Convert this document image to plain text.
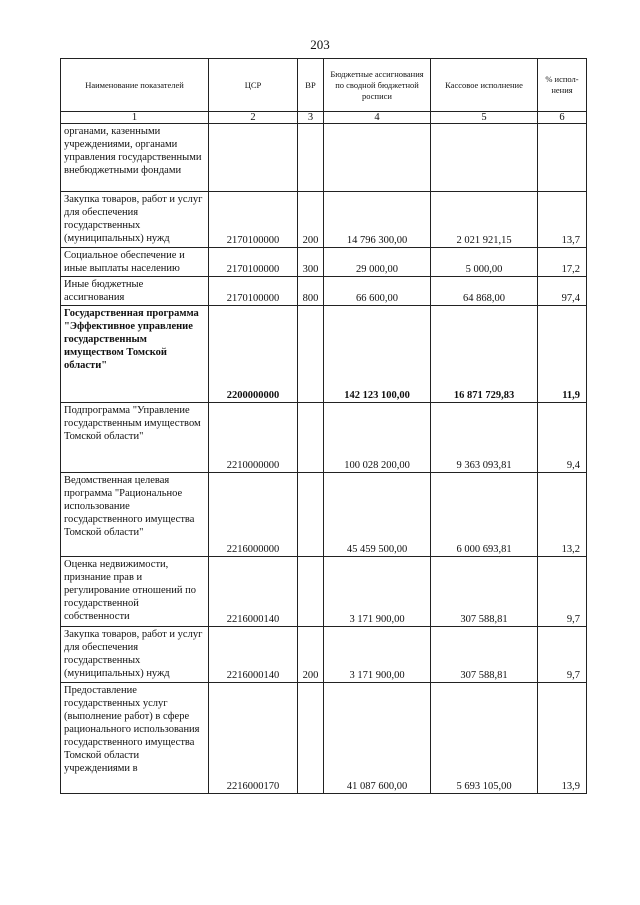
203
Наименование показателей	ЦСР	ВР	Бюджетные ассигнования по сводной бюджетной росписи	Кассовое исполнение	% испол-нения
1	2	3	4	5	6
органами, казенными учреждениями, органами управления государственными внебюджетными фондами					
Закупка товаров, работ и услуг для обеспечения государственных (муниципальных) нужд	2170100000	200	14 796 300,00	2 021 921,15	13,7
Социальное обеспечение и иные выплаты населению	2170100000	300	29 000,00	5 000,00	17,2
Иные бюджетные ассигнования	2170100000	800	66 600,00	64 868,00	97,4
Государственная программа "Эффективное управление государственным имуществом Томской области"	2200000000		142 123 100,00	16 871 729,83	11,9
Подпрограмма "Управление государственным имуществом Томской области"	2210000000		100 028 200,00	9 363 093,81	9,4
Ведомственная целевая программа "Рациональное использование государственного имущества Томской области"	2216000000		45 459 500,00	6 000 693,81	13,2
Оценка недвижимости, признание прав и регулирование отношений по государственной собственности	2216000140		3 171 900,00	307 588,81	9,7
Закупка товаров, работ и услуг для обеспечения государственных (муниципальных) нужд	2216000140	200	3 171 900,00	307 588,81	9,7
Предоставление государственных услуг (выполнение работ) в сфере рационального использования государственного имущества Томской области учреждениями в	2216000170		41 087 600,00	5 693 105,00	13,9
